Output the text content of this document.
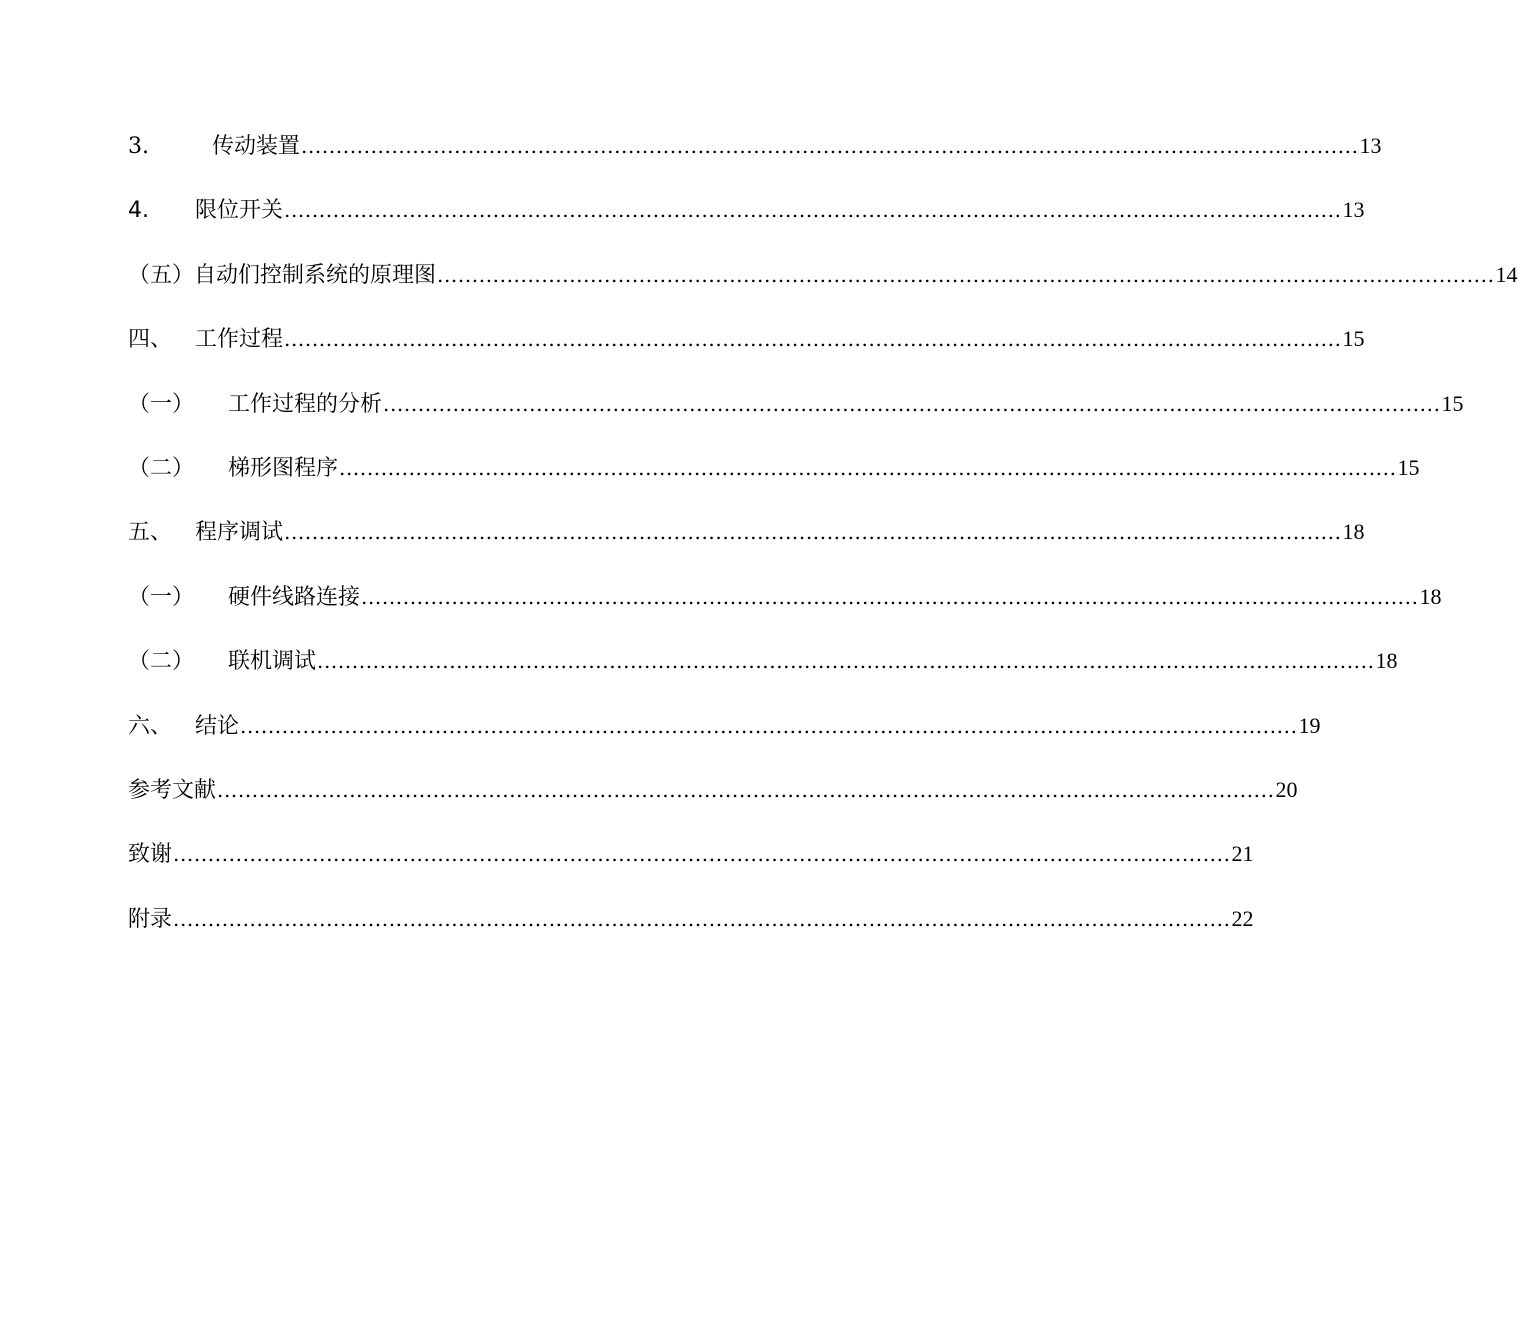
3.	传动装置 ........................................................................................................................................................ 13
4.	限位开关 ........................................................................................................................................................ 13
（五）自动们控制系统的原理图 ........................................................................................................................................................ 14
四、	工作过程 ........................................................................................................................................................ 15
（一）	工作过程的分析 ........................................................................................................................................................ 15
（二）	梯形图程序 ........................................................................................................................................................ 15
五、	程序调试 ........................................................................................................................................................ 18
（一）	硬件线路连接 ........................................................................................................................................................ 18
（二）	联机调试 ........................................................................................................................................................ 18
六、	结论 ........................................................................................................................................................ 19
参考文献 ........................................................................................................................................................ 20
致谢 ........................................................................................................................................................ 21
附录 ........................................................................................................................................................ 22
